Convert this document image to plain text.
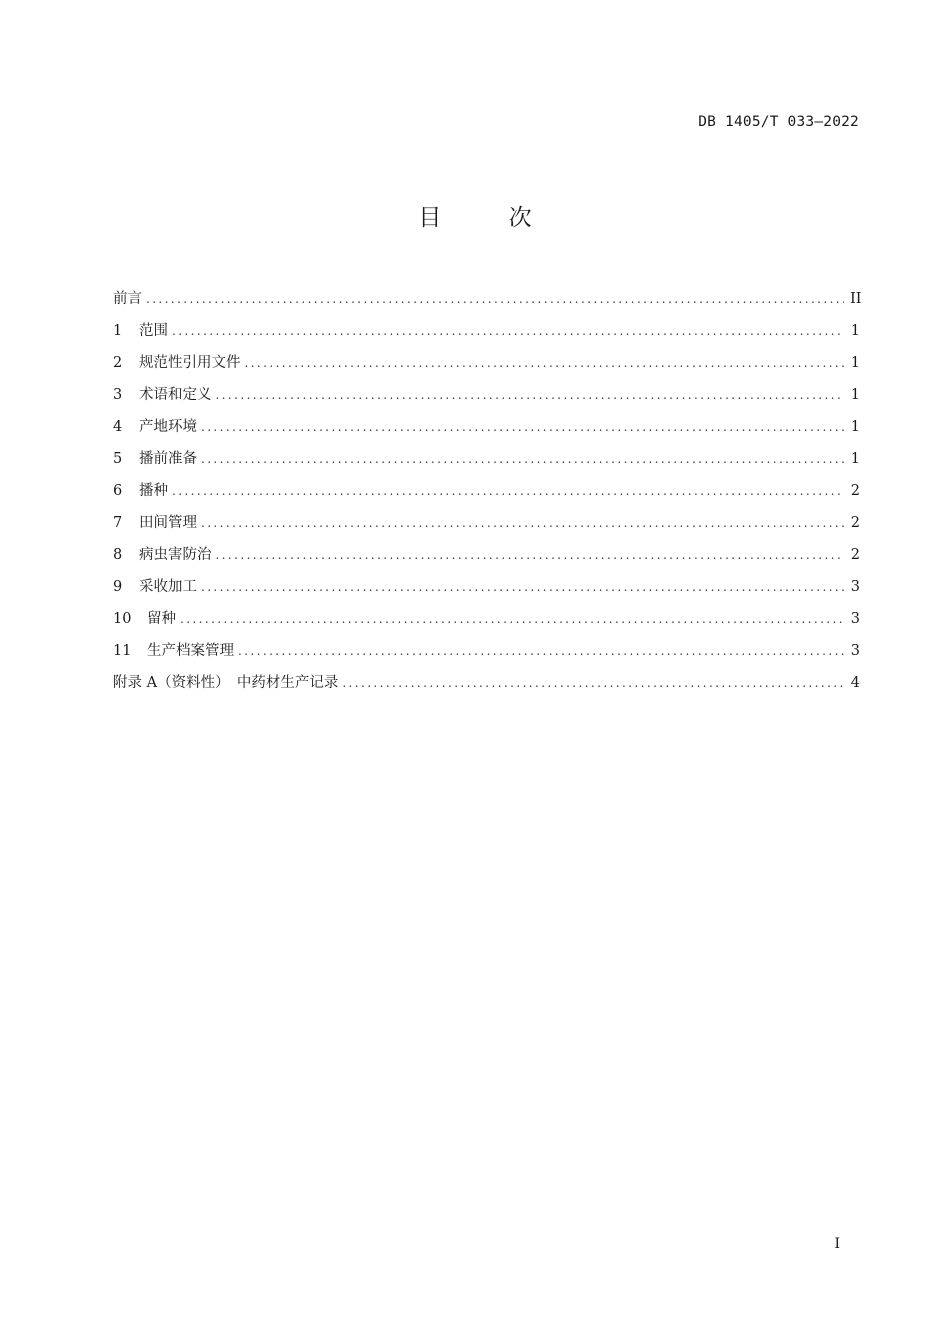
DB 1405/T 033—2022
目	次
前言 .....	II
1	范围 .....	1
2	规范性引用文件 .....	1
3	术语和定义 .....	1
4	产地环境 .....	1
5	播前准备 .....	1
6	播种 .....	2
7	田间管理 .....	2
8	病虫害防治 .....	2
9	采收加工 .....	3
10	留种 .....	3
11	生产档案管理 .....	3
附录 A（资料性）　中药材生产记录 .....	4
I
